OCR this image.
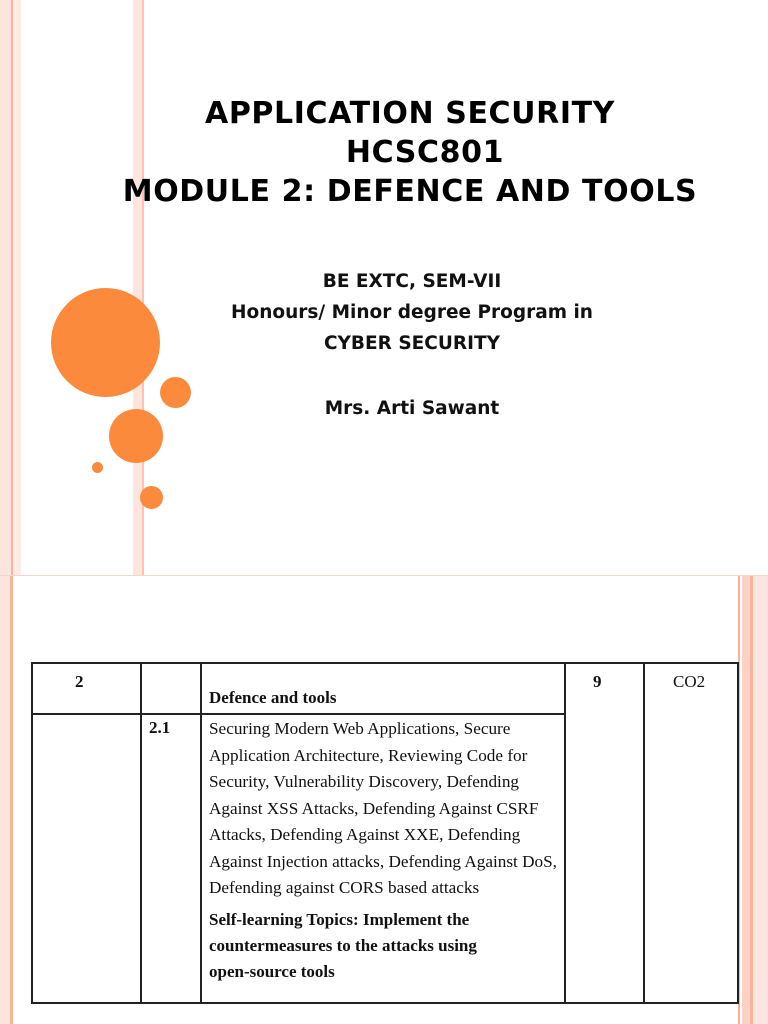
APPLICATION SECURITY
HCSC801
MODULE 2: DEFENCE AND TOOLS
BE EXTC, SEM-VII
Honours/ Minor degree Program in
CYBER SECURITY
Mrs. Arti Sawant
2
Defence and tools
9	CO2
2.1 Securing Modern Web Applications, Secure
Application Architecture, Reviewing Code for
Security, Vulnerability Discovery, Defending
Against XSS Attacks, Defending Against CSRF
Attacks, Defending Against XXE, Defending
Against Injection attacks, Defending Against DoS,
Defending against CORS based attacks
Self-learning Topics: Implement the
countermeasures to the attacks using
open-source tools
